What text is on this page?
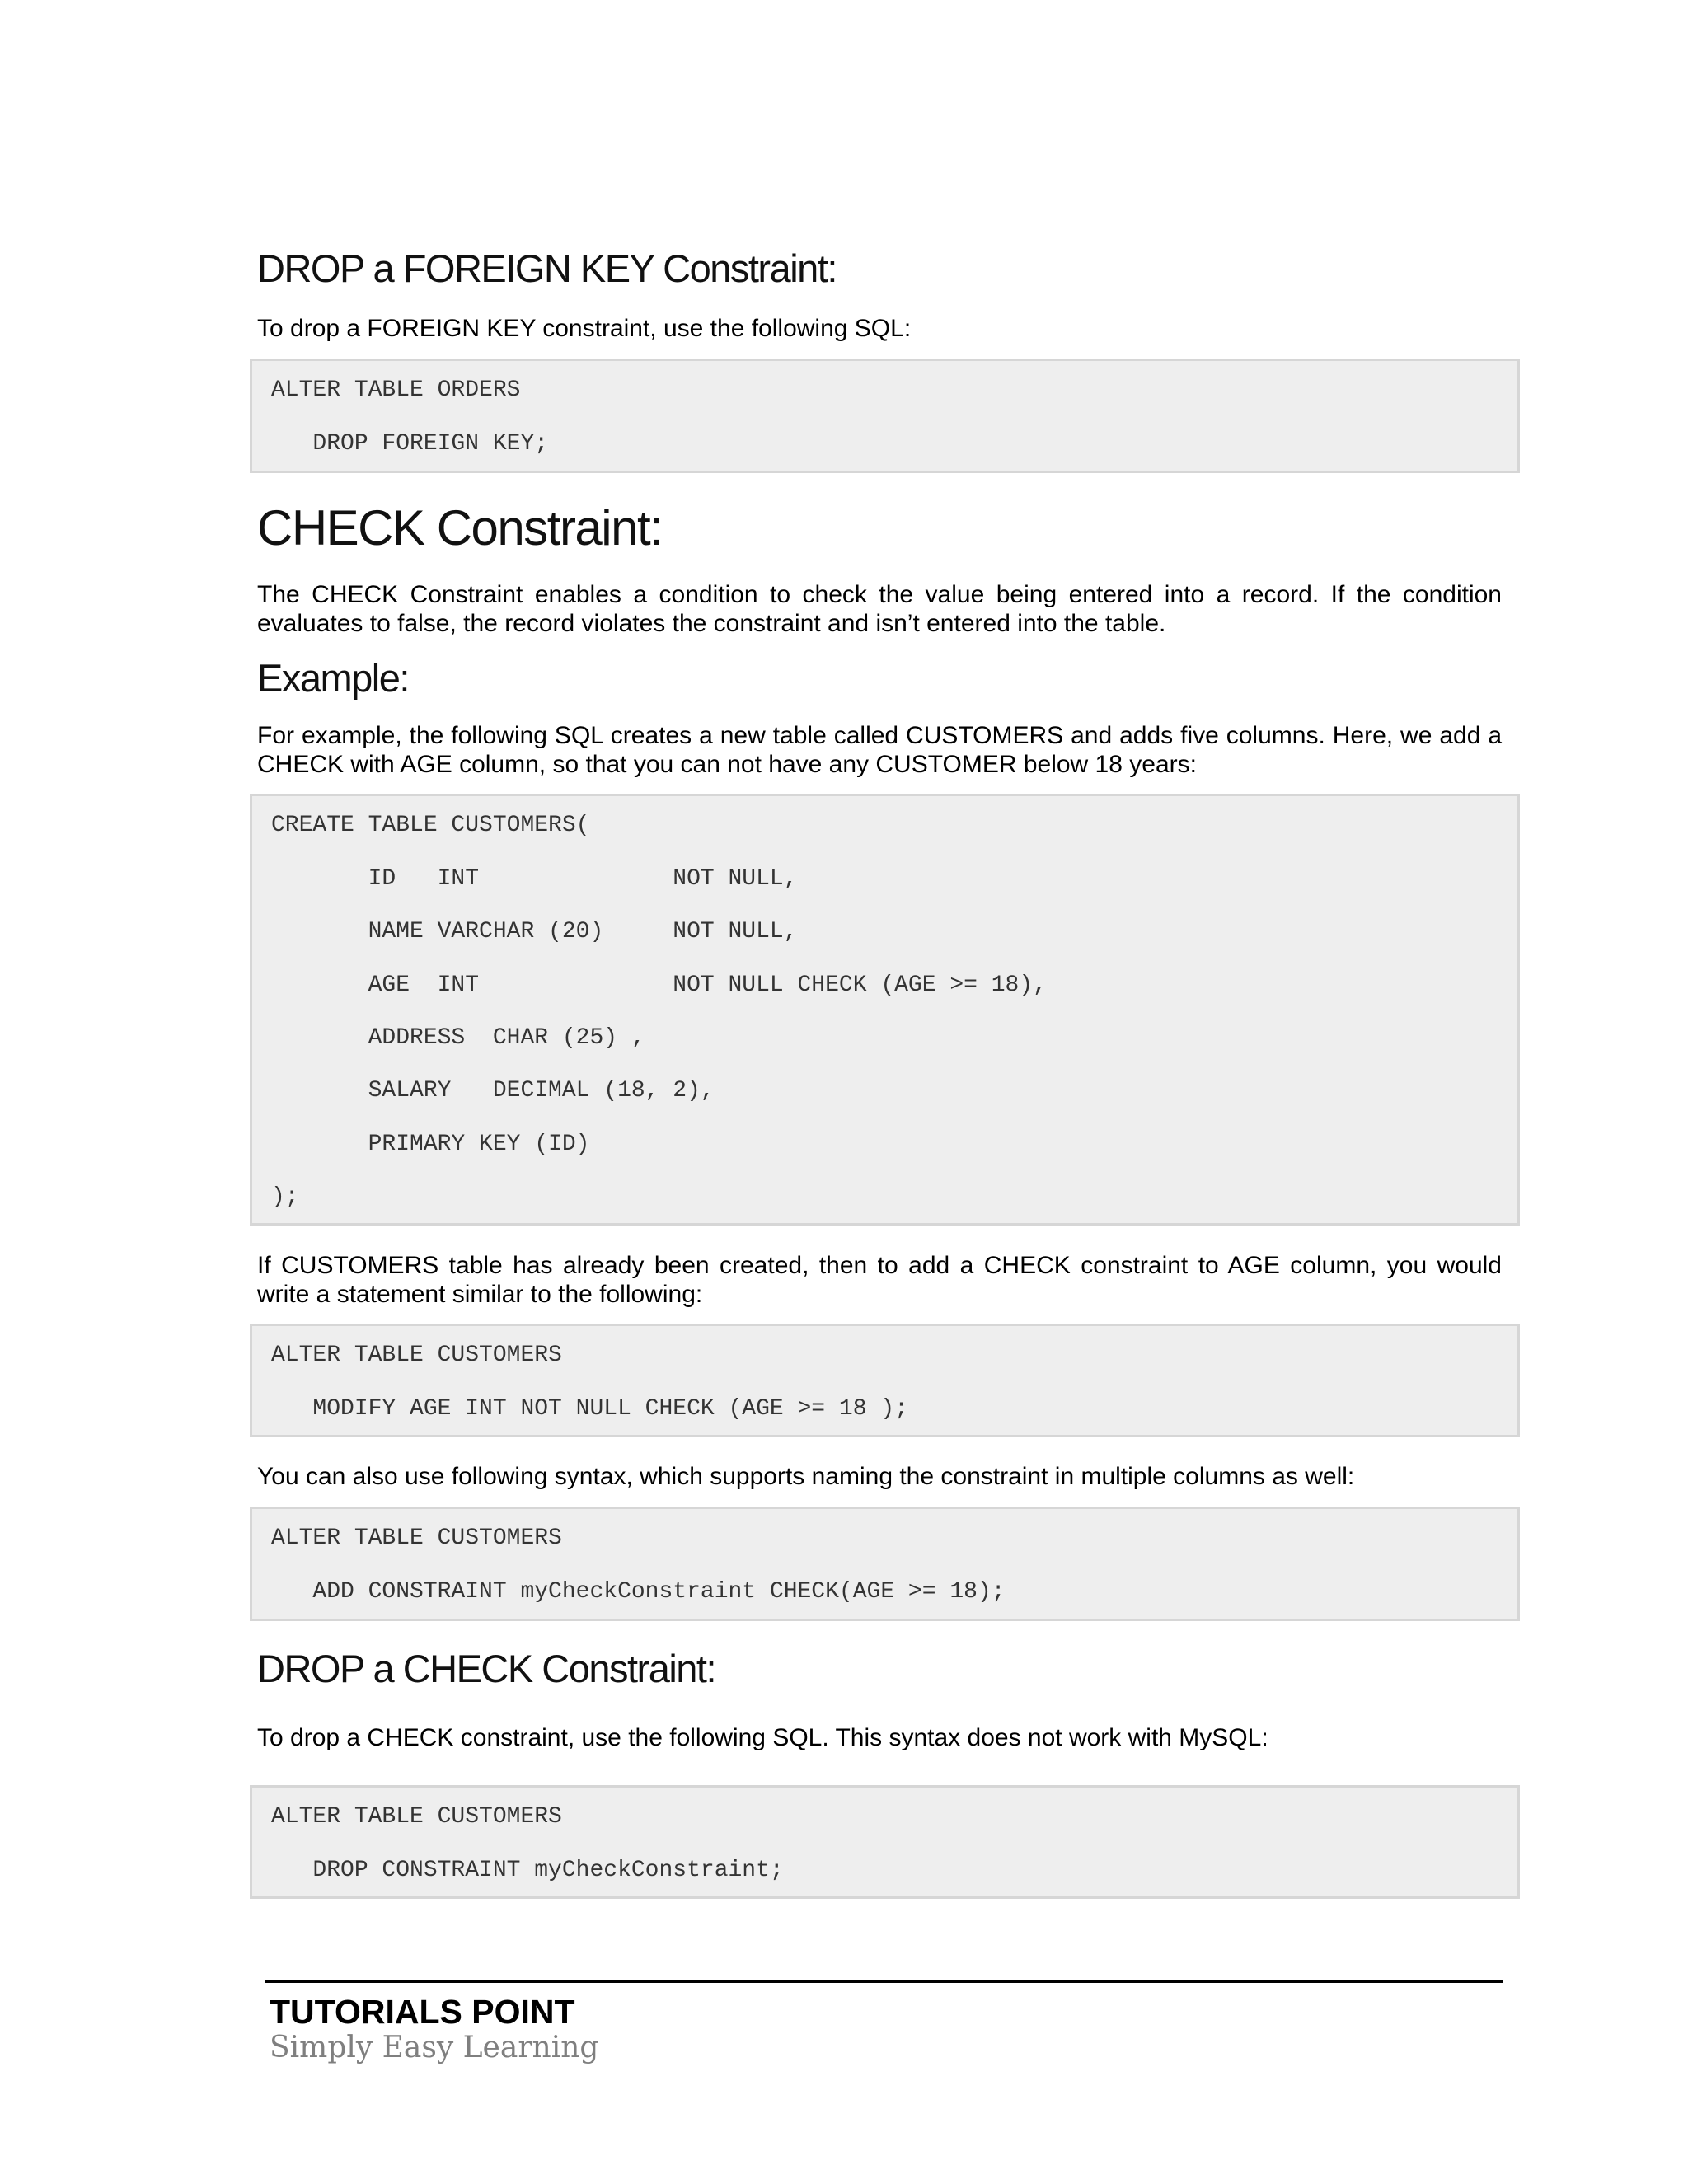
DROP a FOREIGN KEY Constraint:

To drop a FOREIGN KEY constraint, use the following SQL:

ALTER TABLE ORDERS
DROP FOREIGN KEY;
CHECK Constraint:

The CHECK Constraint enables a condition to check the value being entered into a record. If the condition evaluates to false, the record violates the constraint and isn’t entered into the table.

Example:

For example, the following SQL creates a new table called CUSTOMERS and adds five columns. Here, we add a CHECK with AGE column, so that you can not have any CUSTOMER below 18 years:

CREATE TABLE CUSTOMERS(
ID   INT              NOT NULL,
NAME VARCHAR (20)     NOT NULL,
AGE  INT              NOT NULL CHECK (AGE >= 18),
ADDRESS  CHAR (25) ,
SALARY   DECIMAL (18, 2),
PRIMARY KEY (ID)
);

If CUSTOMERS table has already been created, then to add a CHECK constraint to AGE column, you would write a statement similar to the following:

ALTER TABLE CUSTOMERS
MODIFY AGE INT NOT NULL CHECK (AGE >= 18 );

You can also use following syntax, which supports naming the constraint in multiple columns as well:

ALTER TABLE CUSTOMERS
ADD CONSTRAINT myCheckConstraint CHECK(AGE >= 18);
DROP a CHECK Constraint:

To drop a CHECK constraint, use the following SQL. This syntax does not work with MySQL:

ALTER TABLE CUSTOMERS
DROP CONSTRAINT myCheckConstraint;

TUTORIALS POINT

Simply Easy Learning
